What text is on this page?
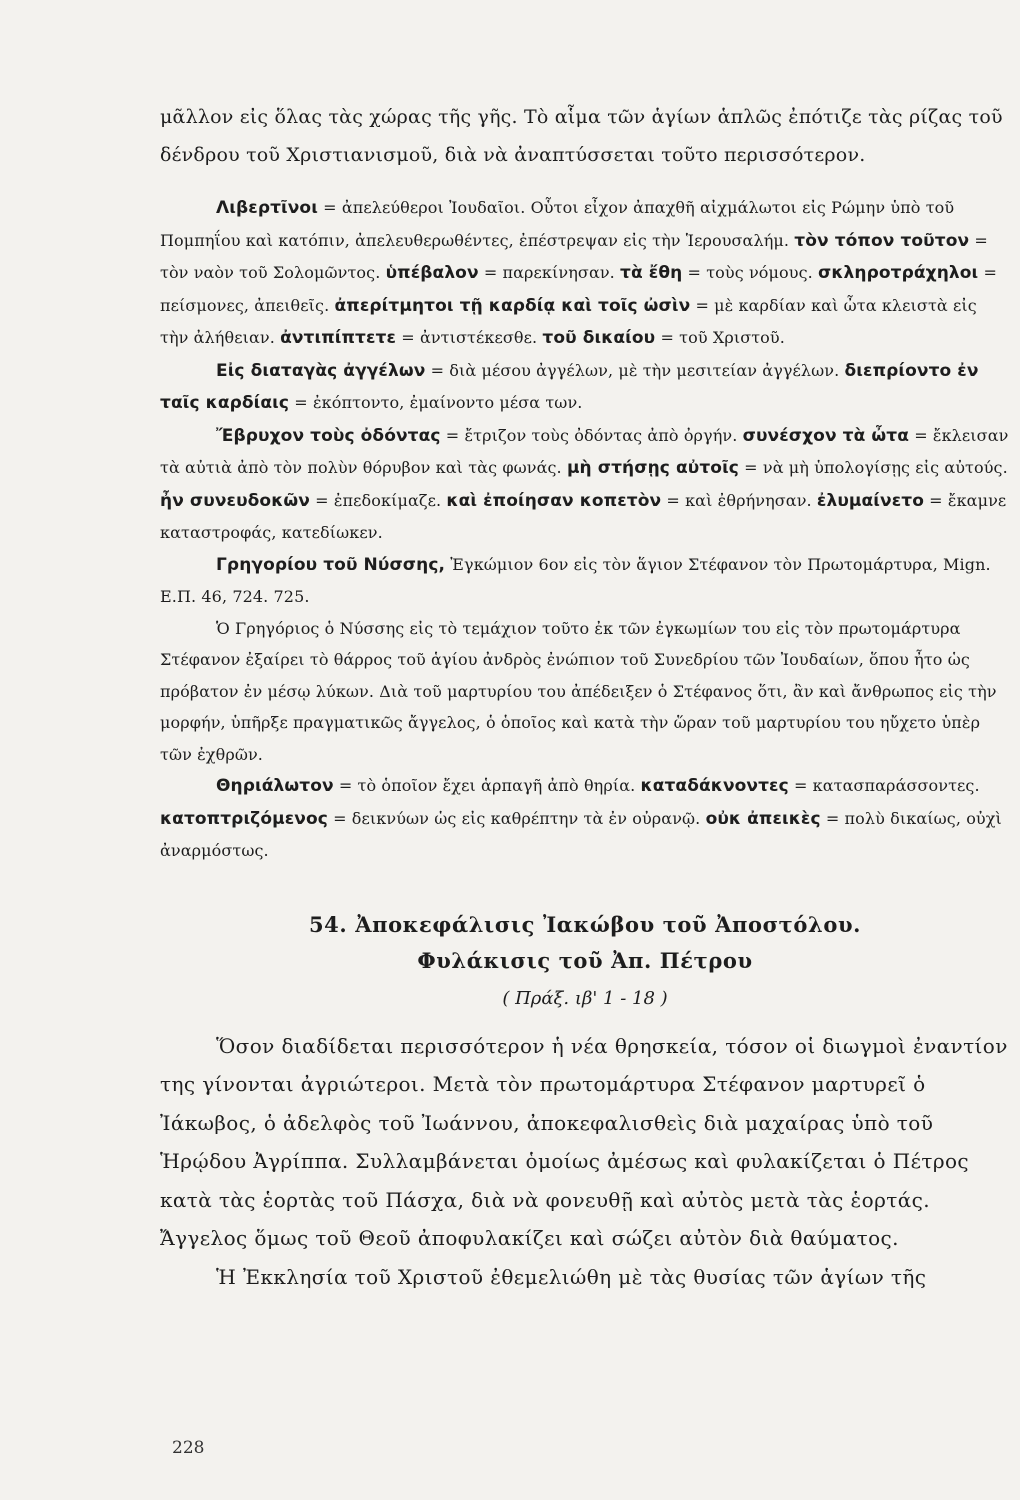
μᾶλλον εἰς ὅλας τὰς χώρας τῆς γῆς. Τὸ αἷμα τῶν ἁγίων ἁπλῶς ἐπότιζε τὰς ρίζας τοῦ δένδρου τοῦ Χριστιανισμοῦ, διὰ νὰ ἀναπτύσσεται τοῦτο περισσότερον.

Λιβερτῖνοι = ἀπελεύθεροι Ἰουδαῖοι. Οὗτοι εἶχον ἀπαχθῆ αἰχμάλωτοι εἰς Ρώμην ὑπὸ τοῦ Πομπηΐου καὶ κατόπιν, ἀπελευθερωθέντες, ἐπέστρεψαν εἰς τὴν Ἱερουσαλήμ. τὸν τόπον τοῦτον = τὸν ναὸν τοῦ Σολομῶντος. ὑπέβαλον = παρεκίνησαν. τὰ ἔθη = τοὺς νόμους. σκληροτράχηλοι = πείσμονες, ἀπειθεῖς. ἀπερίτμητοι τῇ καρδίᾳ καὶ τοῖς ὠσὶν = μὲ καρδίαν καὶ ὦτα κλειστὰ εἰς τὴν ἀλήθειαν. ἀντιπίπτετε = ἀντιστέκεσθε. τοῦ δικαίου = τοῦ Χριστοῦ.

Εἰς διαταγὰς ἀγγέλων = διὰ μέσου ἀγγέλων, μὲ τὴν μεσιτείαν ἀγγέλων. διεπρίοντο ἐν ταῖς καρδίαις = ἐκόπτοντο, ἐμαίνοντο μέσα των.

Ἔβρυχον τοὺς ὀδόντας = ἔτριζον τοὺς ὀδόντας ἀπὸ ὀργήν. συνέσχον τὰ ὦτα = ἔκλεισαν τὰ αὐτιὰ ἀπὸ τὸν πολὺν θόρυβον καὶ τὰς φωνάς. μὴ στήσῃς αὐτοῖς = νὰ μὴ ὑπολογίσῃς εἰς αὐτούς. ἦν συνευδοκῶν = ἐπεδοκίμαζε. καὶ ἐποίησαν κοπετὸν = καὶ ἐθρήνησαν. ἐλυμαίνετο = ἔκαμνε καταστροφάς, κατεδίωκεν.

Γρηγορίου τοῦ Νύσσης, Ἐγκώμιον 6ον εἰς τὸν ἅγιον Στέφανον τὸν Πρωτομάρτυρα, Mign. E.Π. 46, 724. 725.

Ὁ Γρηγόριος ὁ Νύσσης εἰς τὸ τεμάχιον τοῦτο ἐκ τῶν ἐγκωμίων του εἰς τὸν πρωτομάρτυρα Στέφανον ἐξαίρει τὸ θάρρος τοῦ ἁγίου ἀνδρὸς ἐνώπιον τοῦ Συνεδρίου τῶν Ἰουδαίων, ὅπου ἦτο ὡς πρόβατον ἐν μέσῳ λύκων. Διὰ τοῦ μαρτυρίου του ἀπέδειξεν ὁ Στέφανος ὅτι, ἂν καὶ ἄνθρωπος εἰς τὴν μορφήν, ὑπῆρξε πραγματικῶς ἄγγελος, ὁ ὁποῖος καὶ κατὰ τὴν ὥραν τοῦ μαρτυρίου του ηὔχετο ὑπὲρ τῶν ἐχθρῶν.

Θηριάλωτον = τὸ ὁποῖον ἔχει ἁρπαγῆ ἀπὸ θηρία. καταδάκνοντες = κατασπαράσσοντες. κατοπτριζόμενος = δεικνύων ὡς εἰς καθρέπτην τὰ ἐν οὐρανῷ. οὐκ ἀπεικὲς = πολὺ δικαίως, οὐχὶ ἀναρμόστως.

54. Ἀποκεφάλισις Ἰακώβου τοῦ Ἀποστόλου.

Φυλάκισις τοῦ Ἀπ. Πέτρου

( Πράξ. ιβ' 1 - 18 )

Ὅσον διαδίδεται περισσότερον ἡ νέα θρησκεία, τόσον οἱ διωγμοὶ ἐναντίον της γίνονται ἀγριώτεροι. Μετὰ τὸν πρωτομάρτυρα Στέφανον μαρτυρεῖ ὁ Ἰάκωβος, ὁ ἀδελφὸς τοῦ Ἰωάννου, ἀποκεφαλισθεὶς διὰ μαχαίρας ὑπὸ τοῦ Ἡρῴδου Ἀγρίππα. Συλλαμβάνεται ὁμοίως ἀμέσως καὶ φυλακίζεται ὁ Πέτρος κατὰ τὰς ἑορτὰς τοῦ Πάσχα, διὰ νὰ φονευθῇ καὶ αὐτὸς μετὰ τὰς ἑορτάς. Ἄγγελος ὅμως τοῦ Θεοῦ ἀποφυλακίζει καὶ σώζει αὐτὸν διὰ θαύματος.

Ἡ Ἐκκλησία τοῦ Χριστοῦ ἐθεμελιώθη μὲ τὰς θυσίας τῶν ἁγίων τῆς

228
